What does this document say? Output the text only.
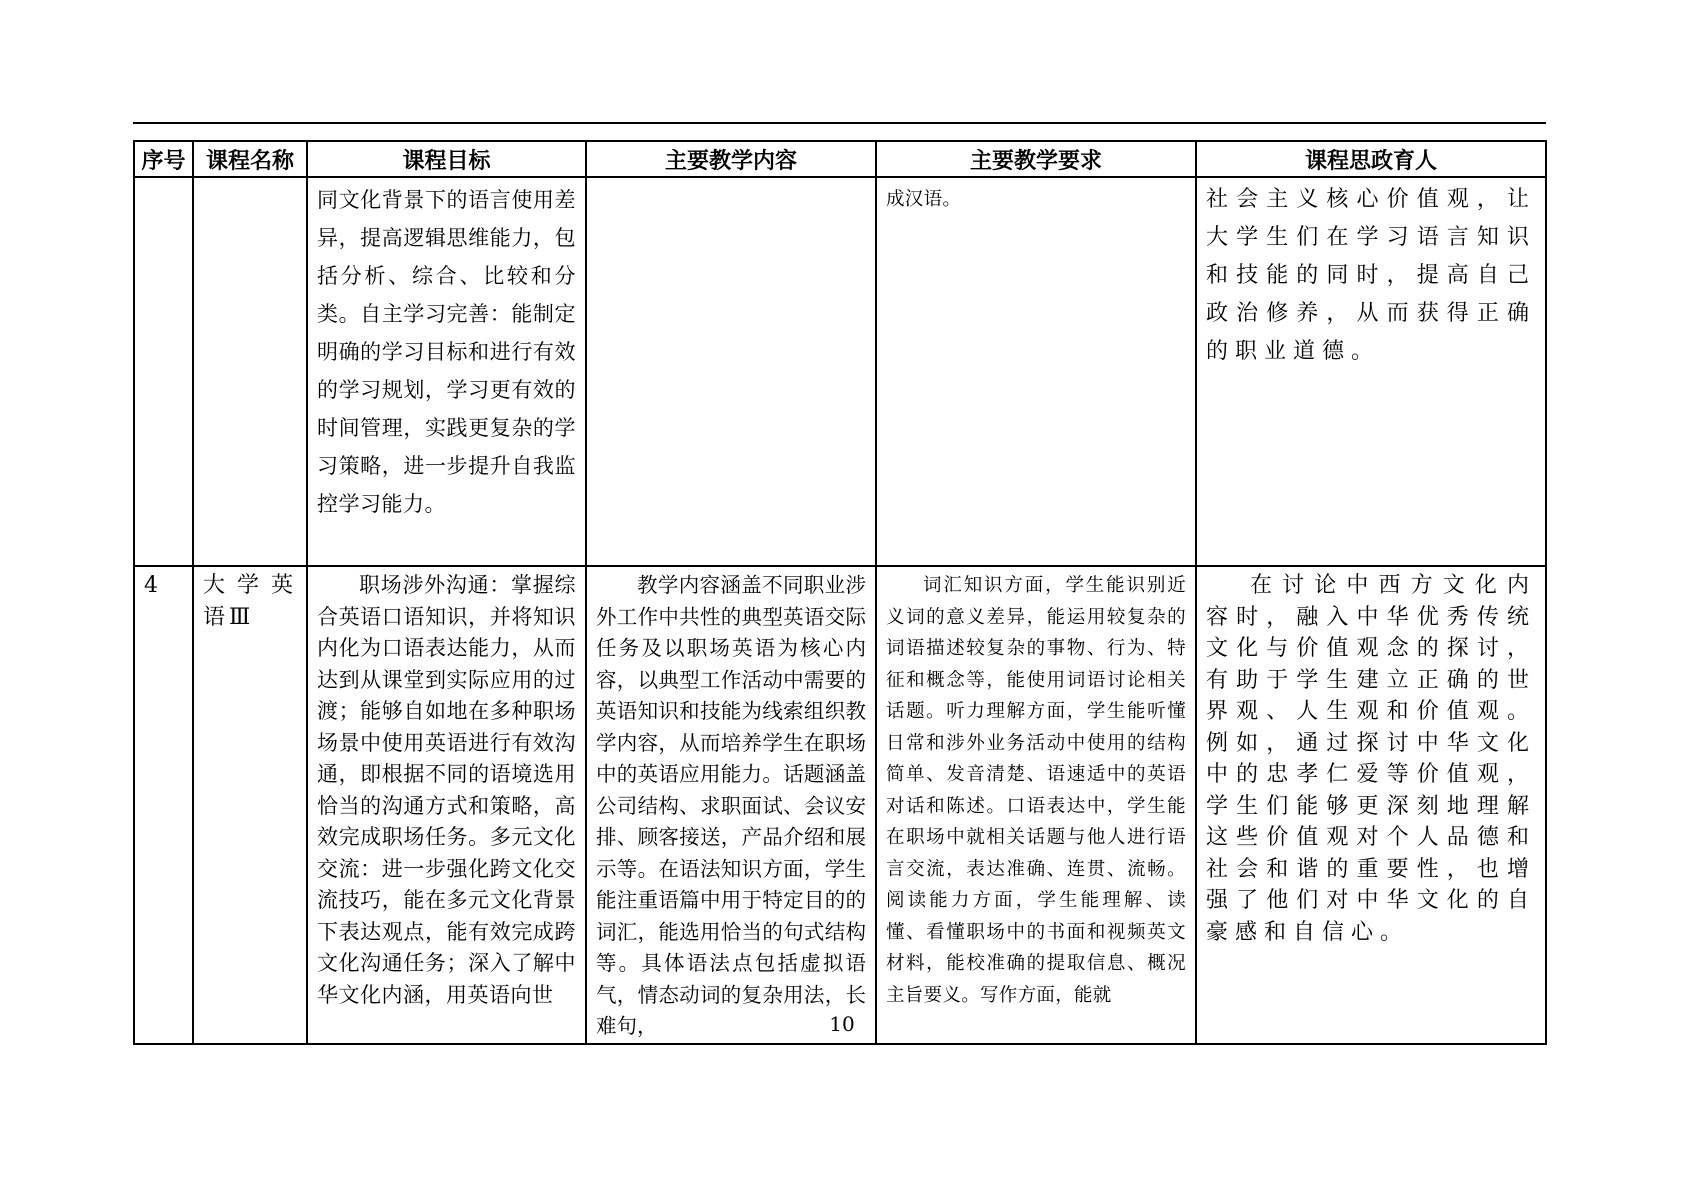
序号	课程名称	课程目标	主要教学内容	主要教学要求	课程思政育人
		同文化背景下的语言使用差异，提高逻辑思维能力，包括分析、综合、比较和分类。自主学习完善：能制定明确的学习目标和进行有效的学习规划，学习更有效的时间管理，实践更复杂的学习策略，进一步提升自我监控学习能力。		成汉语。	社会主义核心价值观，让大学生们在学习语言知识和技能的同时，提高自己政治修养，从而获得正确的职业道德。
4	大学英语Ⅲ	职场涉外沟通：掌握综合英语口语知识，并将知识内化为口语表达能力，从而达到从课堂到实际应用的过渡；能够自如地在多种职场场景中使用英语进行有效沟通，即根据不同的语境选用恰当的沟通方式和策略，高效完成职场任务。多元文化交流：进一步强化跨文化交流技巧，能在多元文化背景下表达观点，能有效完成跨文化沟通任务；深入了解中华文化内涵，用英语向世	教学内容涵盖不同职业涉外工作中共性的典型英语交际任务及以职场英语为核心内容，以典型工作活动中需要的英语知识和技能为线索组织教学内容，从而培养学生在职场中的英语应用能力。话题涵盖公司结构、求职面试、会议安排、顾客接送，产品介绍和展示等。在语法知识方面，学生能注重语篇中用于特定目的的词汇，能选用恰当的句式结构等。具体语法点包括虚拟语气，情态动词的复杂用法，长难句，	词汇知识方面，学生能识别近义词的意义差异，能运用较复杂的词语描述较复杂的事物、行为、特征和概念等，能使用词语讨论相关话题。听力理解方面，学生能听懂日常和涉外业务活动中使用的结构简单、发音清楚、语速适中的英语对话和陈述。口语表达中，学生能在职场中就相关话题与他人进行语言交流，表达准确、连贯、流畅。阅读能力方面，学生能理解、读懂、看懂职场中的书面和视频英文材料，能校准确的提取信息、概况主旨要义。写作方面，能就	在讨论中西方文化内容时，融入中华优秀传统文化与价值观念的探讨，有助于学生建立正确的世界观、人生观和价值观。例如，通过探讨中华文化中的忠孝仁爱等价值观，学生们能够更深刻地理解这些价值观对个人品德和社会和谐的重要性，也增强了他们对中华文化的自豪感和自信心。
10
